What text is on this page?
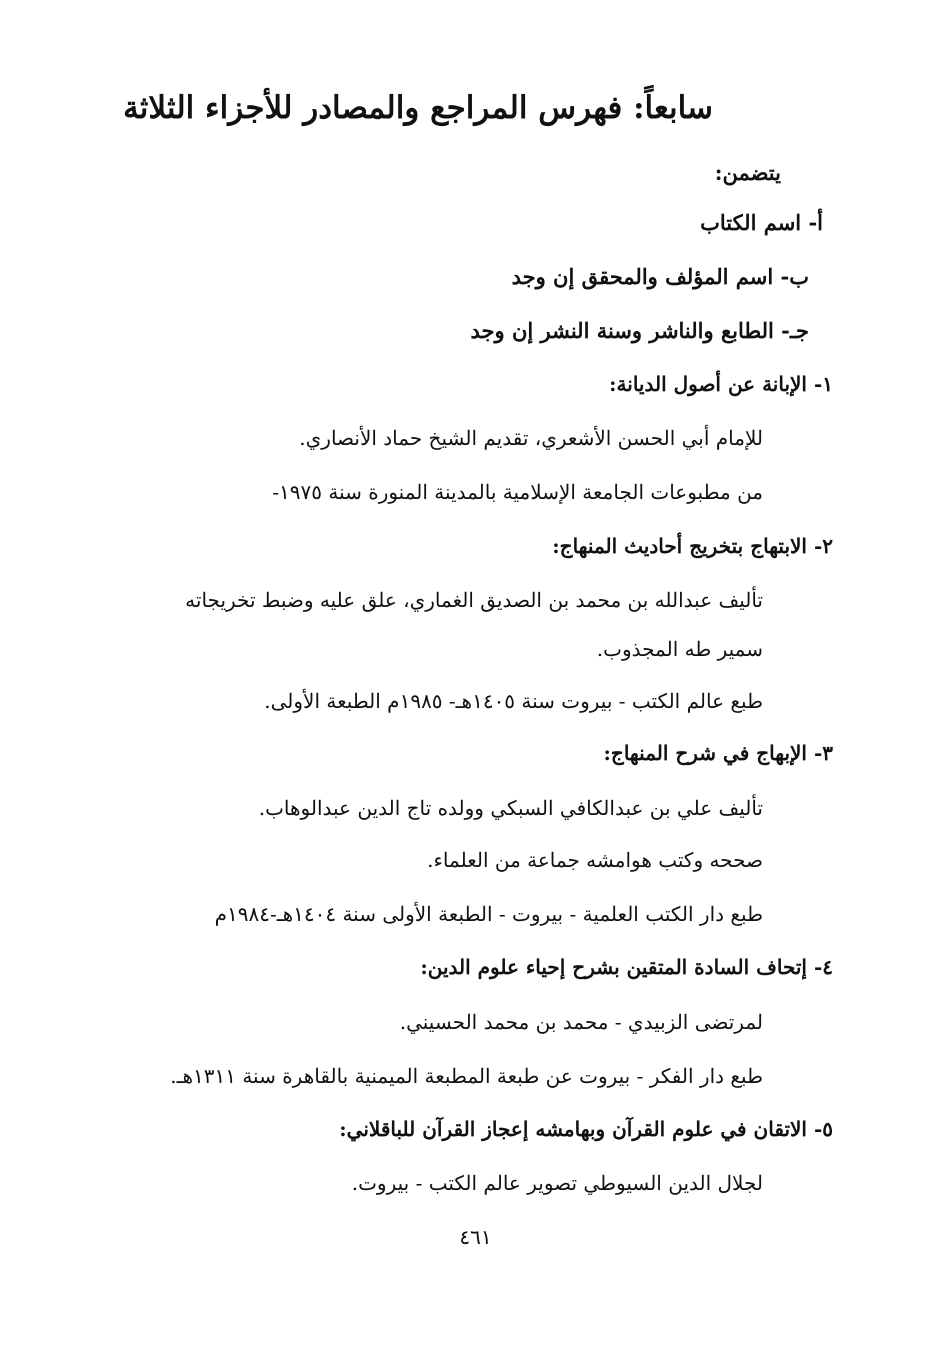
سابعاً: فهرس المراجع والمصادر للأجزاء الثلاثة
يتضمن:
أ- اسم الكتاب
ب- اسم المؤلف والمحقق إن وجد
جـ- الطابع والناشر وسنة النشر إن وجد
١- الإبانة عن أصول الديانة:
للإمام أبي الحسن الأشعري، تقديم الشيخ حماد الأنصاري.
من مطبوعات الجامعة الإسلامية بالمدينة المنورة سنة ١٩٧٥-
٢- الابتهاج بتخريج أحاديث المنهاج:
تأليف عبدالله بن محمد بن الصديق الغماري، علق عليه وضبط تخريجاته
سمير طه المجذوب.
طبع عالم الكتب - بيروت سنة ١٤٠٥هـ- ١٩٨٥م الطبعة الأولى.
٣- الإبهاج في شرح المنهاج:
تأليف علي بن عبدالكافي السبكي وولده تاج الدين عبدالوهاب.
صححه وكتب هوامشه جماعة من العلماء.
طبع دار الكتب العلمية - بيروت - الطبعة الأولى سنة ١٤٠٤هـ-١٩٨٤م
٤- إتحاف السادة المتقين بشرح إحياء علوم الدين:
لمرتضى الزبيدي - محمد بن محمد الحسيني.
طبع دار الفكر - بيروت عن طبعة المطبعة الميمنية بالقاهرة سنة ١٣١١هـ.
٥- الاتقان في علوم القرآن وبهامشه إعجاز القرآن للباقلاني:
لجلال الدين السيوطي تصوير عالم الكتب - بيروت.
٤٦١
